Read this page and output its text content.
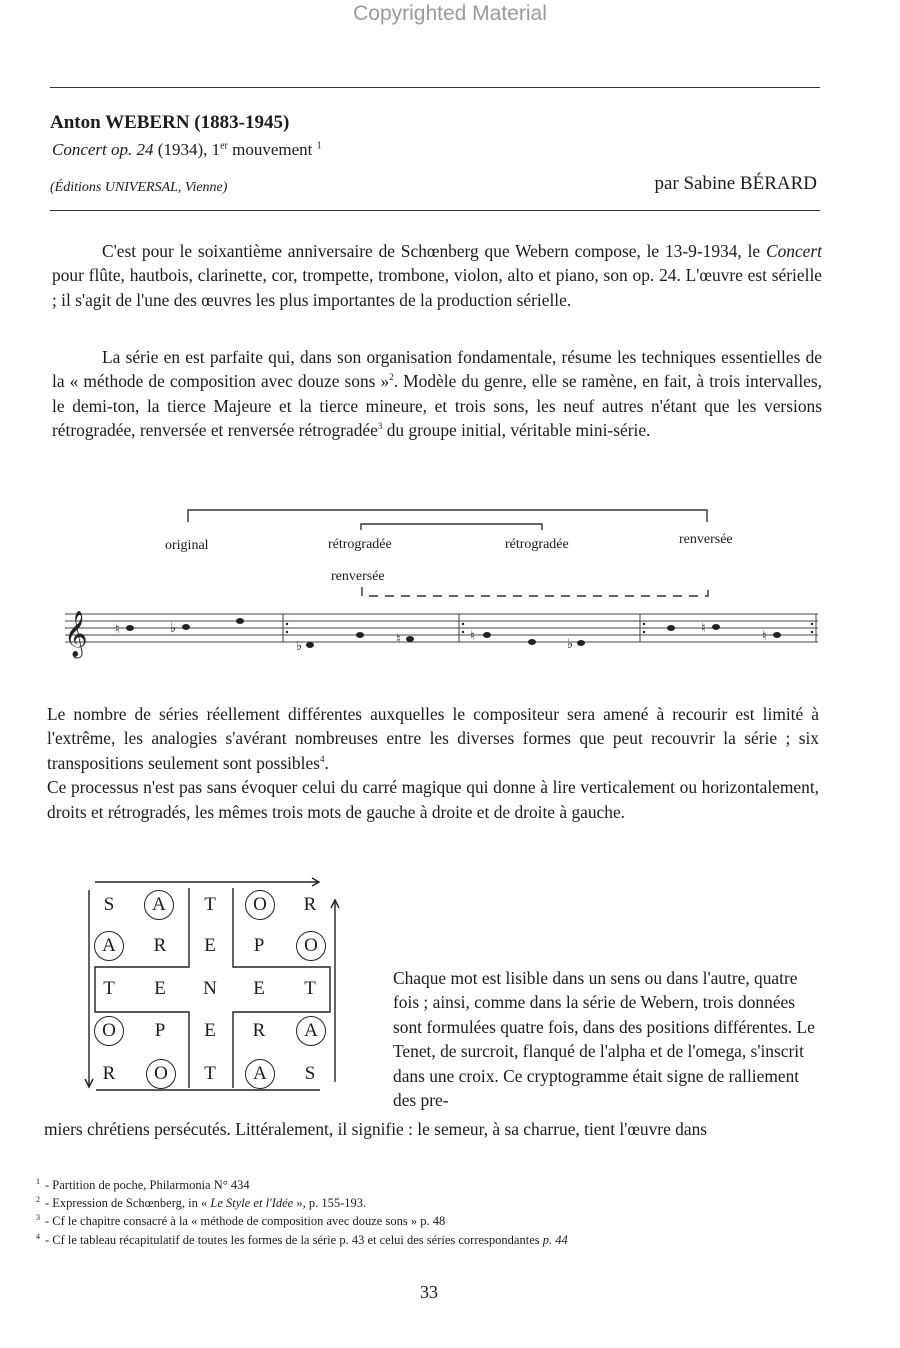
Copyrighted Material
Anton WEBERN (1883-1945)
Concert op. 24 (1934), 1er mouvement $^1$
(Éditions UNIVERSAL, Vienne)	par Sabine BÉRARD

C'est pour le soixantième anniversaire de Schœnberg que Webern compose, le 13-9-1934, le Concert pour flûte, hautbois, clarinette, cor, trompette, trombone, violon, alto et piano, son op. 24. L'œuvre est sérielle ; il s'agit de l'une des œuvres les plus importantes de la production sérielle.

La série en est parfaite qui, dans son organisation fondamentale, résume les techniques essentielles de la « méthode de composition avec douze sons »$^2$. Modèle du genre, elle se ramène, en fait, à trois intervalles, le demi-ton, la tierce Majeure et la tierce mineure, et trois sons, les neuf autres n'étant que les versions rétrogradée, renversée et renversée rétrogradée$^3$ du groupe initial, véritable mini-série.

original	rétrogradée	rétrogradée	renversée
renversée
𝄞 ♮	♭
♭	♮	♮
♭
♮
♮

Le nombre de séries réellement différentes auxquelles le compositeur sera amené à recourir est limité à l'extrême, les analogies s'avérant nombreuses entre les diverses formes que peut recouvrir la série ; six transpositions seulement sont possibles$^4$.
Ce processus n'est pas sans évoquer celui du carré magique qui donne à lire verticalement ou horizontalement, droits et rétrogradés, les mêmes trois mots de gauche à droite et de droite à gauche.

S	A	T	O	R
A	R	E	P	O
T	E	N	E	T
O	P	E	R	A
R	O	T	A	S

Chaque mot est lisible dans un sens ou dans l'autre, quatre fois ; ainsi, comme dans la série de Webern, trois données sont formulées quatre fois, dans des positions différentes. Le Tenet, de surcroit, flanqué de l'alpha et de l'omega, s'inscrit dans une croix. Ce cryptogramme était signe de ralliement des pre-

miers chrétiens persécutés. Littéralement, il signifie : le semeur, à sa charrue, tient l'œuvre dans

$^1$ - Partition de poche, Philarmonia N° 434
$^2$ - Expression de Schœnberg, in « Le Style et l'Idée », p. 155-193.
$^3$ - Cf le chapitre consacré à la « méthode de composition avec douze sons » p. 48
$^4$ - Cf le tableau récapitulatif de toutes les formes de la série p. 43 et celui des séries correspondantes p. 44
33
